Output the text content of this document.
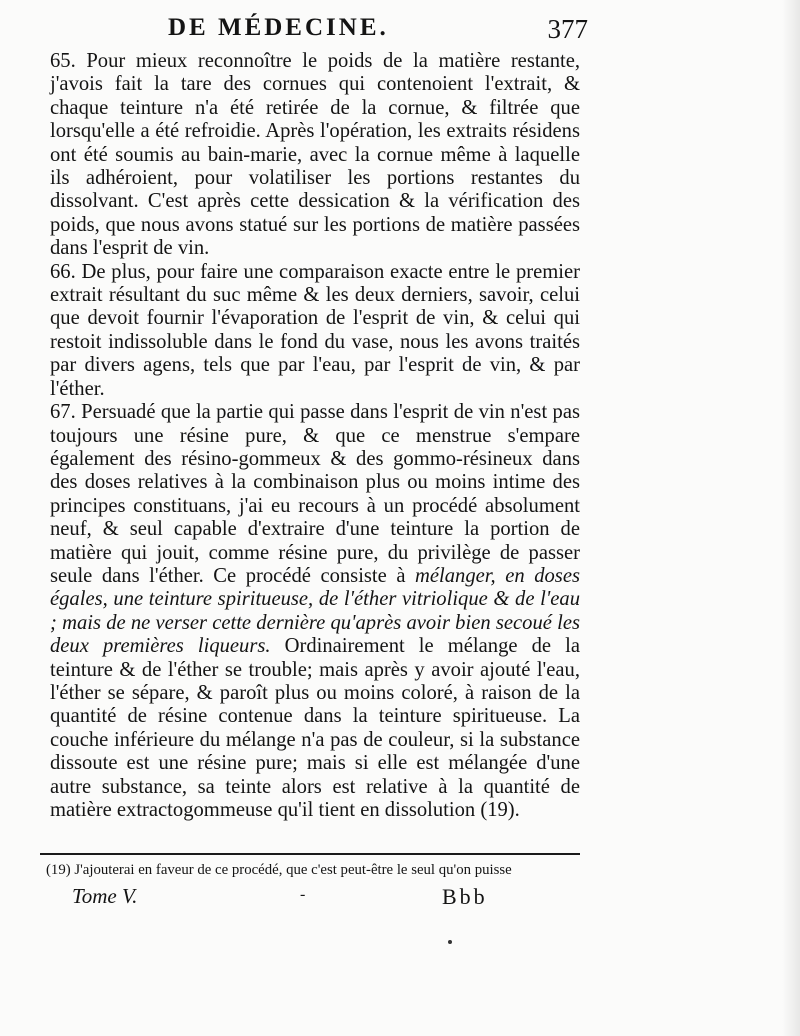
DE MÉDECINE.	377

65. Pour mieux reconnoître le poids de la matière restante, j'avois fait la tare des cornues qui contenoient l'extrait, & chaque teinture n'a été retirée de la cornue, & filtrée que lorsqu'elle a été refroidie. Après l'opération, les extraits résidens ont été soumis au bain-marie, avec la cornue même à laquelle ils adhéroient, pour volatiliser les portions restantes du dissolvant. C'est après cette dessication & la vérification des poids, que nous avons statué sur les portions de matière passées dans l'esprit de vin.

66. De plus, pour faire une comparaison exacte entre le premier extrait résultant du suc même & les deux derniers, savoir, celui que devoit fournir l'évaporation de l'esprit de vin, & celui qui restoit indissoluble dans le fond du vase, nous les avons traités par divers agens, tels que par l'eau, par l'esprit de vin, & par l'éther.

67. Persuadé que la partie qui passe dans l'esprit de vin n'est pas toujours une résine pure, & que ce menstrue s'empare également des résino-gommeux & des gommo-résineux dans des doses relatives à la combinaison plus ou moins intime des principes constituans, j'ai eu recours à un procédé absolument neuf, & seul capable d'extraire d'une teinture la portion de matière qui jouit, comme résine pure, du privilège de passer seule dans l'éther. Ce procédé consiste à mélanger, en doses égales, une teinture spiritueuse, de l'éther vitriolique & de l'eau ; mais de ne verser cette dernière qu'après avoir bien secoué les deux premières liqueurs. Ordinairement le mélange de la teinture & de l'éther se trouble; mais après y avoir ajouté l'eau, l'éther se sépare, & paroît plus ou moins coloré, à raison de la quantité de résine contenue dans la teinture spiritueuse. La couche inférieure du mélange n'a pas de couleur, si la substance dissoute est une résine pure; mais si elle est mélangée d'une autre substance, sa teinte alors est relative à la quantité de matière extractogommeuse qu'il tient en dissolution (19).

(19) J'ajouterai en faveur de ce procédé, que c'est peut-être le seul qu'on puisse
Tome V.	-	Bbb
